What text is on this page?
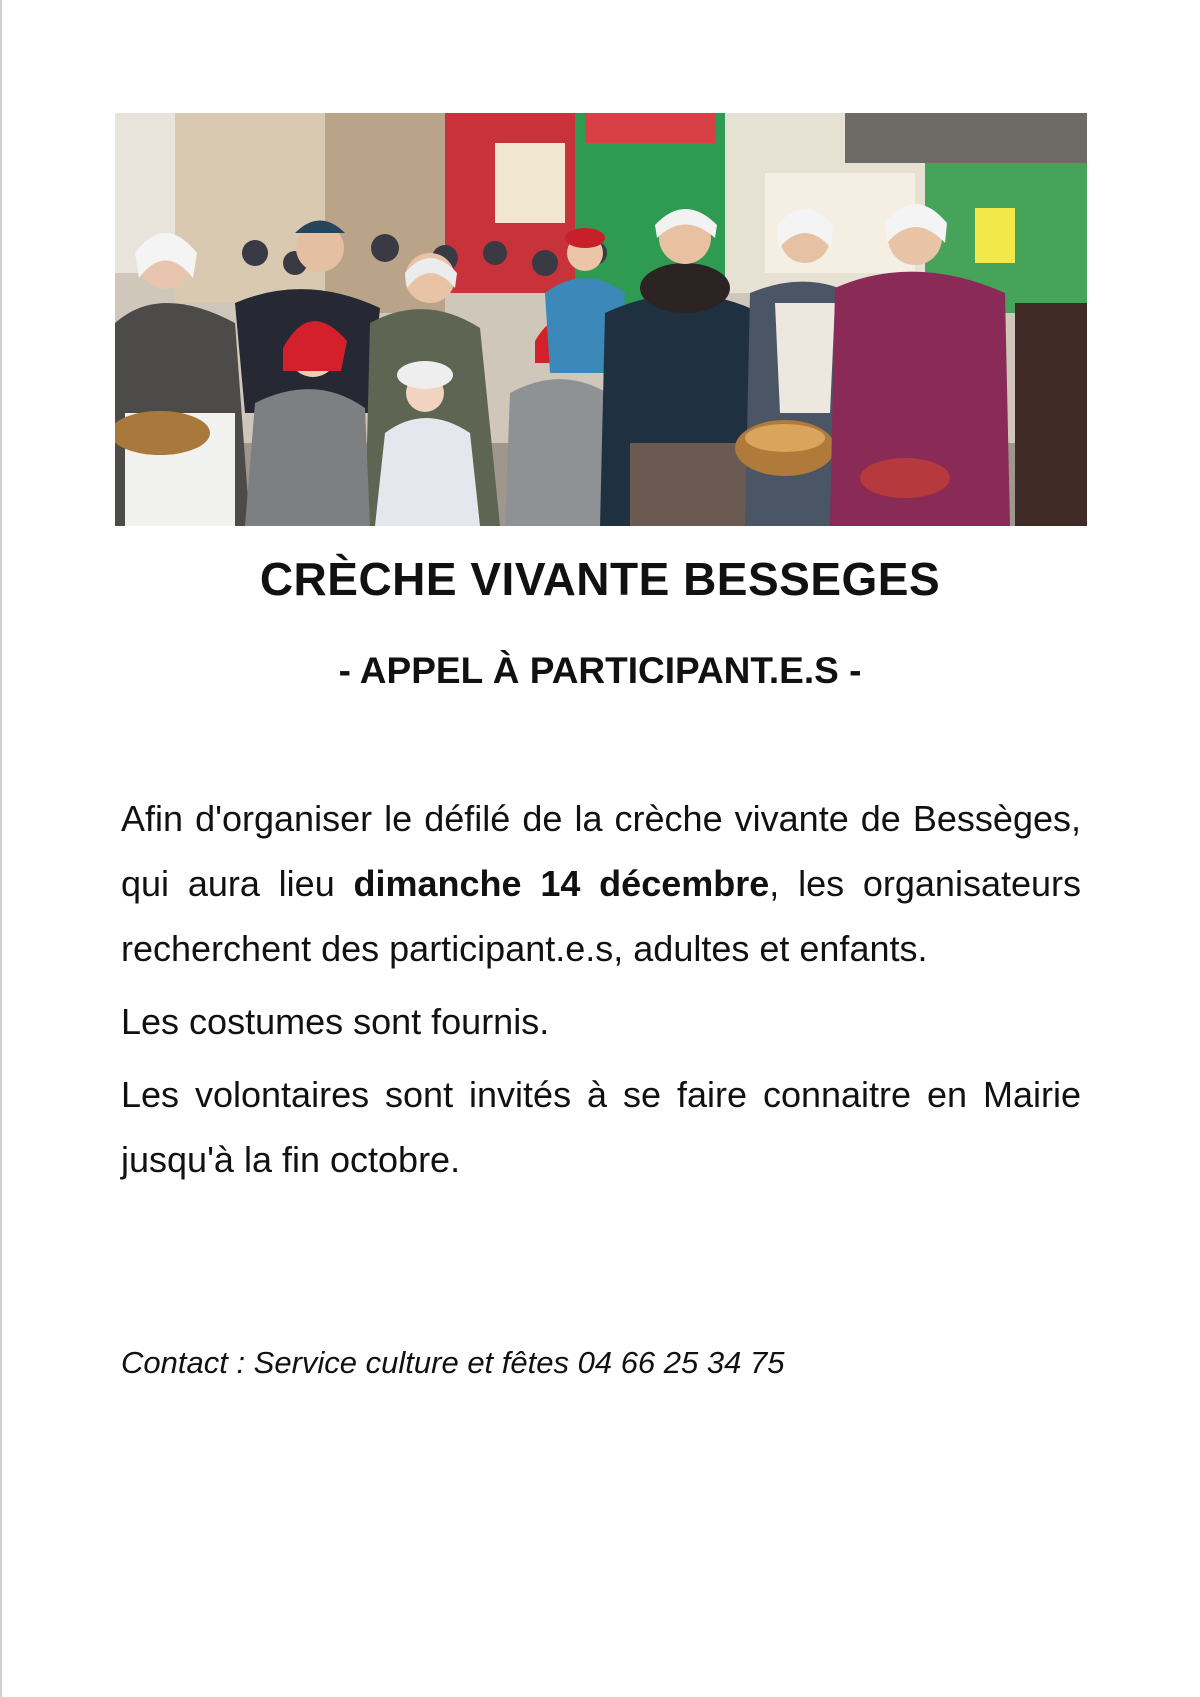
CRÈCHE VIVANTE BESSEGES
- APPEL À PARTICIPANT.E.S -

Afin d'organiser le défilé de la crèche vivante de Bessèges, qui aura lieu dimanche 14 décembre, les organisateurs recherchent des participant.e.s, adultes et enfants.

Les costumes sont fournis.

Les volontaires sont invités à se faire connaitre en Mairie jusqu'à la fin octobre.

Contact : Service culture et fêtes 04 66 25 34 75
